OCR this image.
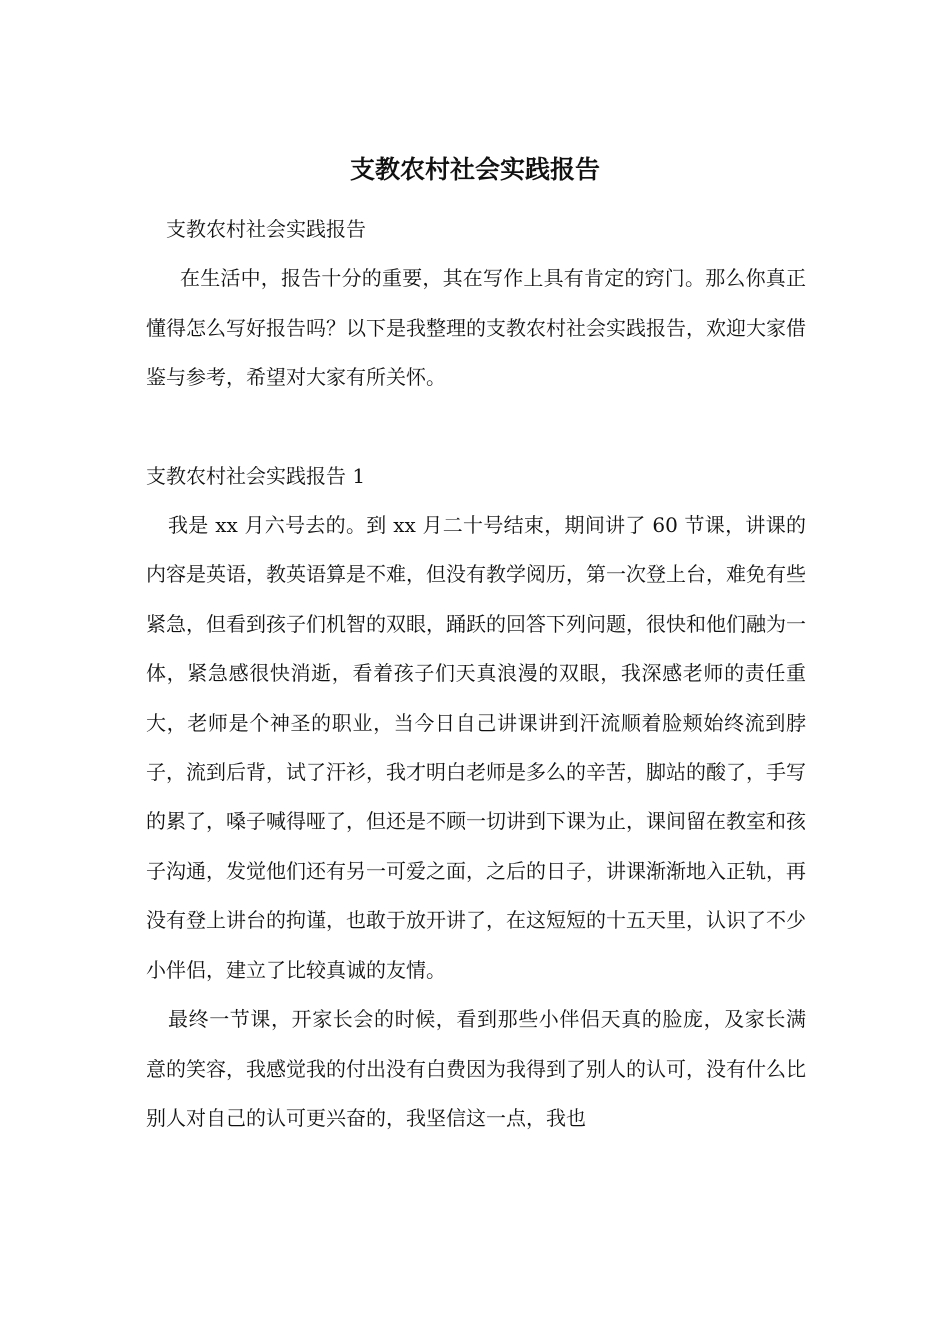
支教农村社会实践报告

支教农村社会实践报告

在生活中，报告十分的重要，其在写作上具有肯定的窍门。那么你真正懂得怎么写好报告吗？以下是我整理的支教农村社会实践报告，欢迎大家借鉴与参考，希望对大家有所关怀。

支教农村社会实践报告 1

我是 xx 月六号去的。到 xx 月二十号结束，期间讲了 60 节课，讲课的内容是英语，教英语算是不难，但没有教学阅历，第一次登上台，难免有些紧急，但看到孩子们机智的双眼，踊跃的回答下列问题，很快和他们融为一体，紧急感很快消逝，看着孩子们天真浪漫的双眼，我深感老师的责任重大，老师是个神圣的职业，当今日自己讲课讲到汗流顺着脸颊始终流到脖子，流到后背，试了汗衫，我才明白老师是多么的辛苦，脚站的酸了，手写的累了，嗓子喊得哑了，但还是不顾一切讲到下课为止，课间留在教室和孩子沟通，发觉他们还有另一可爱之面，之后的日子，讲课渐渐地入正轨，再没有登上讲台的拘谨，也敢于放开讲了，在这短短的十五天里，认识了不少小伴侣，建立了比较真诚的友情。

最终一节课，开家长会的时候，看到那些小伴侣天真的脸庞，及家长满意的笑容，我感觉我的付出没有白费因为我得到了别人的认可，没有什么比别人对自己的认可更兴奋的，我坚信这一点，我也
